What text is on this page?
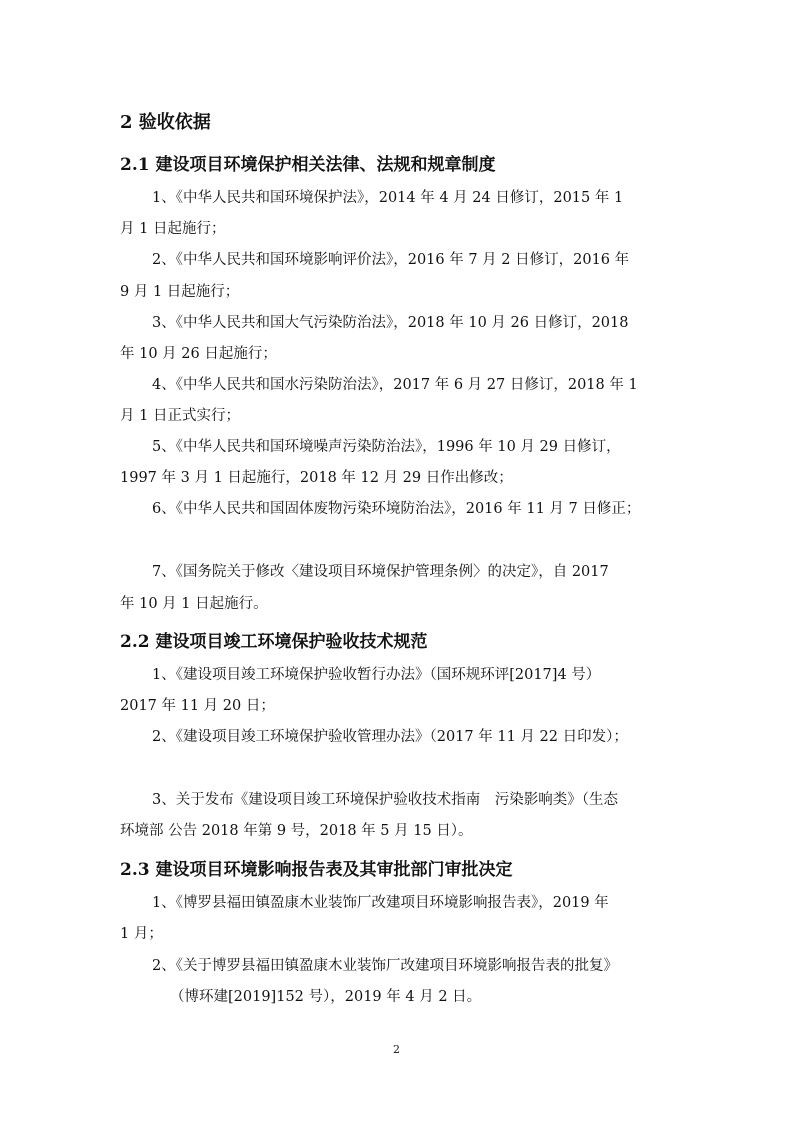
2 验收依据
2.1 建设项目环境保护相关法律、法规和规章制度
1、《中华人民共和国环境保护法》，2014 年 4 月 24 日修订，2015 年 1
月 1 日起施行；
2、《中华人民共和国环境影响评价法》，2016 年 7 月 2 日修订，2016 年
9 月 1 日起施行；
3、《中华人民共和国大气污染防治法》，2018 年 10 月 26 日修订，2018
年 10 月 26 日起施行；
4、《中华人民共和国水污染防治法》，2017 年 6 月 27 日修订，2018 年 1
月 1 日正式实行；
5、《中华人民共和国环境噪声污染防治法》，1996 年 10 月 29 日修订，
1997 年 3 月 1 日起施行，2018 年 12 月 29 日作出修改；
6、《中华人民共和国固体废物污染环境防治法》，2016 年 11 月 7 日修正；
7、《国务院关于修改〈建设项目环境保护管理条例〉的决定》，自 2017
年 10 月 1 日起施行。
2.2 建设项目竣工环境保护验收技术规范
1、《建设项目竣工环境保护验收暂行办法》（国环规环评[2017]4 号）
2017 年 11 月 20 日；
2、《建设项目竣工环境保护验收管理办法》（2017 年 11 月 22 日印发）；
3、关于发布《建设项目竣工环境保护验收技术指南　污染影响类》（生态
环境部 公告 2018 年第 9 号，2018 年 5 月 15 日）。
2.3 建设项目环境影响报告表及其审批部门审批决定
1、《博罗县福田镇盈康木业装饰厂改建项目环境影响报告表》，2019 年
1 月；
2、《关于博罗县福田镇盈康木业装饰厂改建项目环境影响报告表的批复》
（博环建[2019]152 号），2019 年 4 月 2 日。
2
